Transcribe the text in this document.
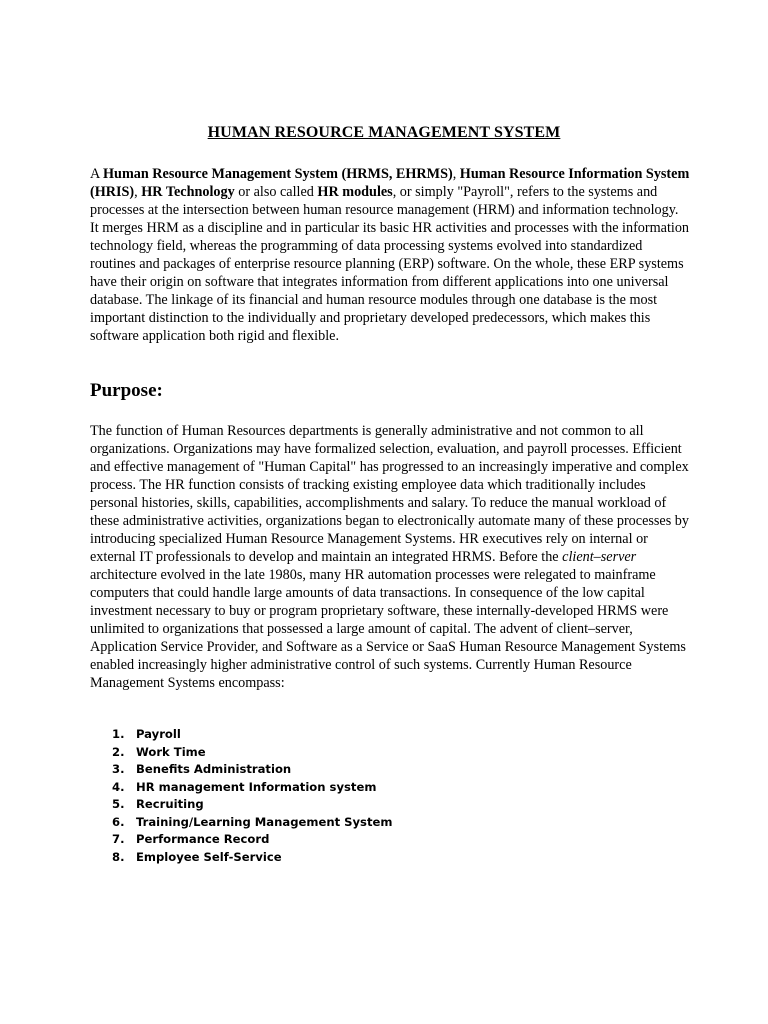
HUMAN RESOURCE MANAGEMENT SYSTEM

A Human Resource Management System (HRMS, EHRMS), Human Resource Information System (HRIS), HR Technology or also called HR modules, or simply "Payroll", refers to the systems and processes at the intersection between human resource management (HRM) and information technology. It merges HRM as a discipline and in particular its basic HR activities and processes with the information technology field, whereas the programming of data processing systems evolved into standardized routines and packages of enterprise resource planning (ERP) software. On the whole, these ERP systems have their origin on software that integrates information from different applications into one universal database. The linkage of its financial and human resource modules through one database is the most important distinction to the individually and proprietary developed predecessors, which makes this software application both rigid and flexible.

Purpose:

The function of Human Resources departments is generally administrative and not common to all organizations. Organizations may have formalized selection, evaluation, and payroll processes. Efficient and effective management of "Human Capital" has progressed to an increasingly imperative and complex process. The HR function consists of tracking existing employee data which traditionally includes personal histories, skills, capabilities, accomplishments and salary. To reduce the manual workload of these administrative activities, organizations began to electronically automate many of these processes by introducing specialized Human Resource Management Systems. HR executives rely on internal or external IT professionals to develop and maintain an integrated HRMS. Before the client–server architecture evolved in the late 1980s, many HR automation processes were relegated to mainframe computers that could handle large amounts of data transactions. In consequence of the low capital investment necessary to buy or program proprietary software, these internally-developed HRMS were unlimited to organizations that possessed a large amount of capital. The advent of client–server, Application Service Provider, and Software as a Service or SaaS Human Resource Management Systems enabled increasingly higher administrative control of such systems. Currently Human Resource Management Systems encompass:

1. Payroll
2. Work Time
3. Benefits Administration
4. HR management Information system
5. Recruiting
6. Training/Learning Management System
7. Performance Record
8. Employee Self-Service
